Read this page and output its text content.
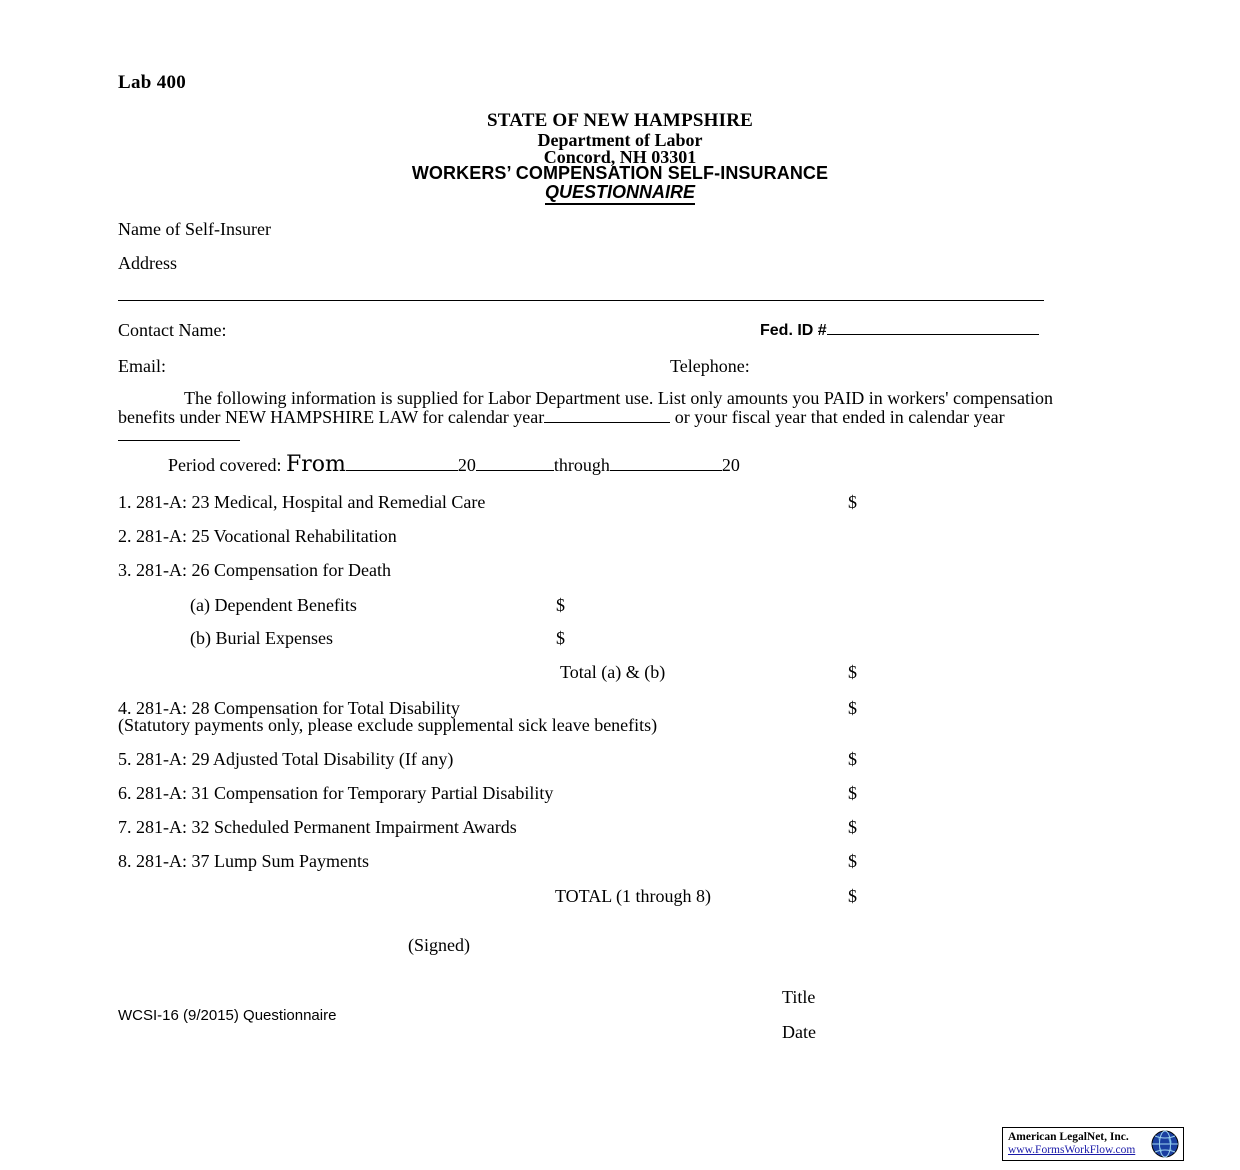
Lab 400
STATE OF NEW HAMPSHIRE
Department of Labor
Concord, NH 03301
WORKERS’ COMPENSATION SELF-INSURANCE
QUESTIONNAIRE
Name of Self-Insurer
Address
Contact Name:	Fed. ID #
Email:	Telephone:
The following information is supplied for Labor Department use. List only amounts you PAID in workers' compensation benefits under NEW HAMPSHIRE LAW for calendar year	or your fiscal year that ended in calendar year
Period covered: From	20	through	20
1. 281-A: 23 Medical, Hospital and Remedial Care	$
2. 281-A: 25 Vocational Rehabilitation
3. 281-A: 26 Compensation for Death
(a) Dependent Benefits	$
(b) Burial Expenses	$
Total (a) & (b)	$
4. 281-A: 28 Compensation for Total Disability	$
(Statutory payments only, please exclude supplemental sick leave benefits)
5. 281-A: 29 Adjusted Total Disability (If any)	$
6. 281-A: 31 Compensation for Temporary Partial Disability	$
7. 281-A: 32 Scheduled Permanent Impairment Awards	$
8. 281-A: 37 Lump Sum Payments	$
TOTAL (1 through 8)	$
(Signed)
WCSI-16 (9/2015) Questionnaire
Title
Date
American LegalNet, Inc.
www.FormsWorkFlow.com
